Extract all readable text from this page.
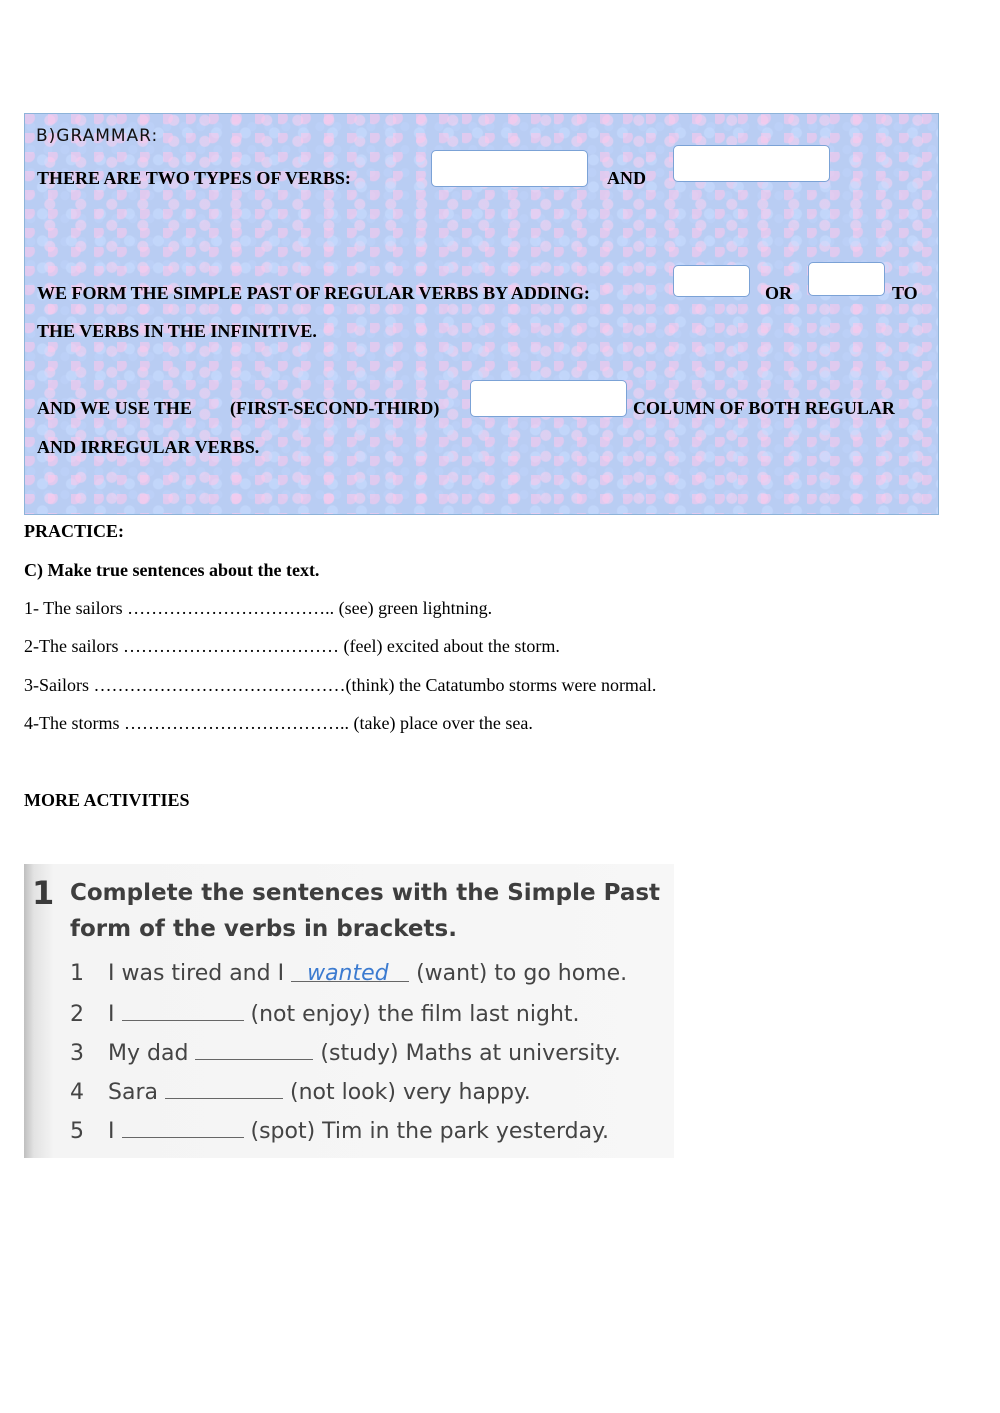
B)GRAMMAR:
THERE ARE TWO TYPES OF VERBS:	AND
WE FORM THE SIMPLE PAST OF REGULAR VERBS BY ADDING:	OR	TO
THE VERBS IN THE INFINITIVE.
AND WE USE THE (FIRST-SECOND-THIRD)	COLUMN OF BOTH REGULAR
AND IRREGULAR VERBS.
PRACTICE:
C) Make true sentences about the text.
1- The sailors …………………………….. (see) green lightning.
2-The sailors ……………………………… (feel) excited about the storm.
3-Sailors ……………………………………(think) the Catatumbo storms were normal.
4-The storms ……………………………….. (take) place over the sea.
MORE ACTIVITIES
1 Complete the sentences with the Simple Past
form of the verbs in brackets.
1 I was tired and I wanted (want) to go home.
2 I	(not enjoy) the film last night.
3 My dad	(study) Maths at university.
4 Sara	(not look) very happy.
5 I	(spot) Tim in the park yesterday.
